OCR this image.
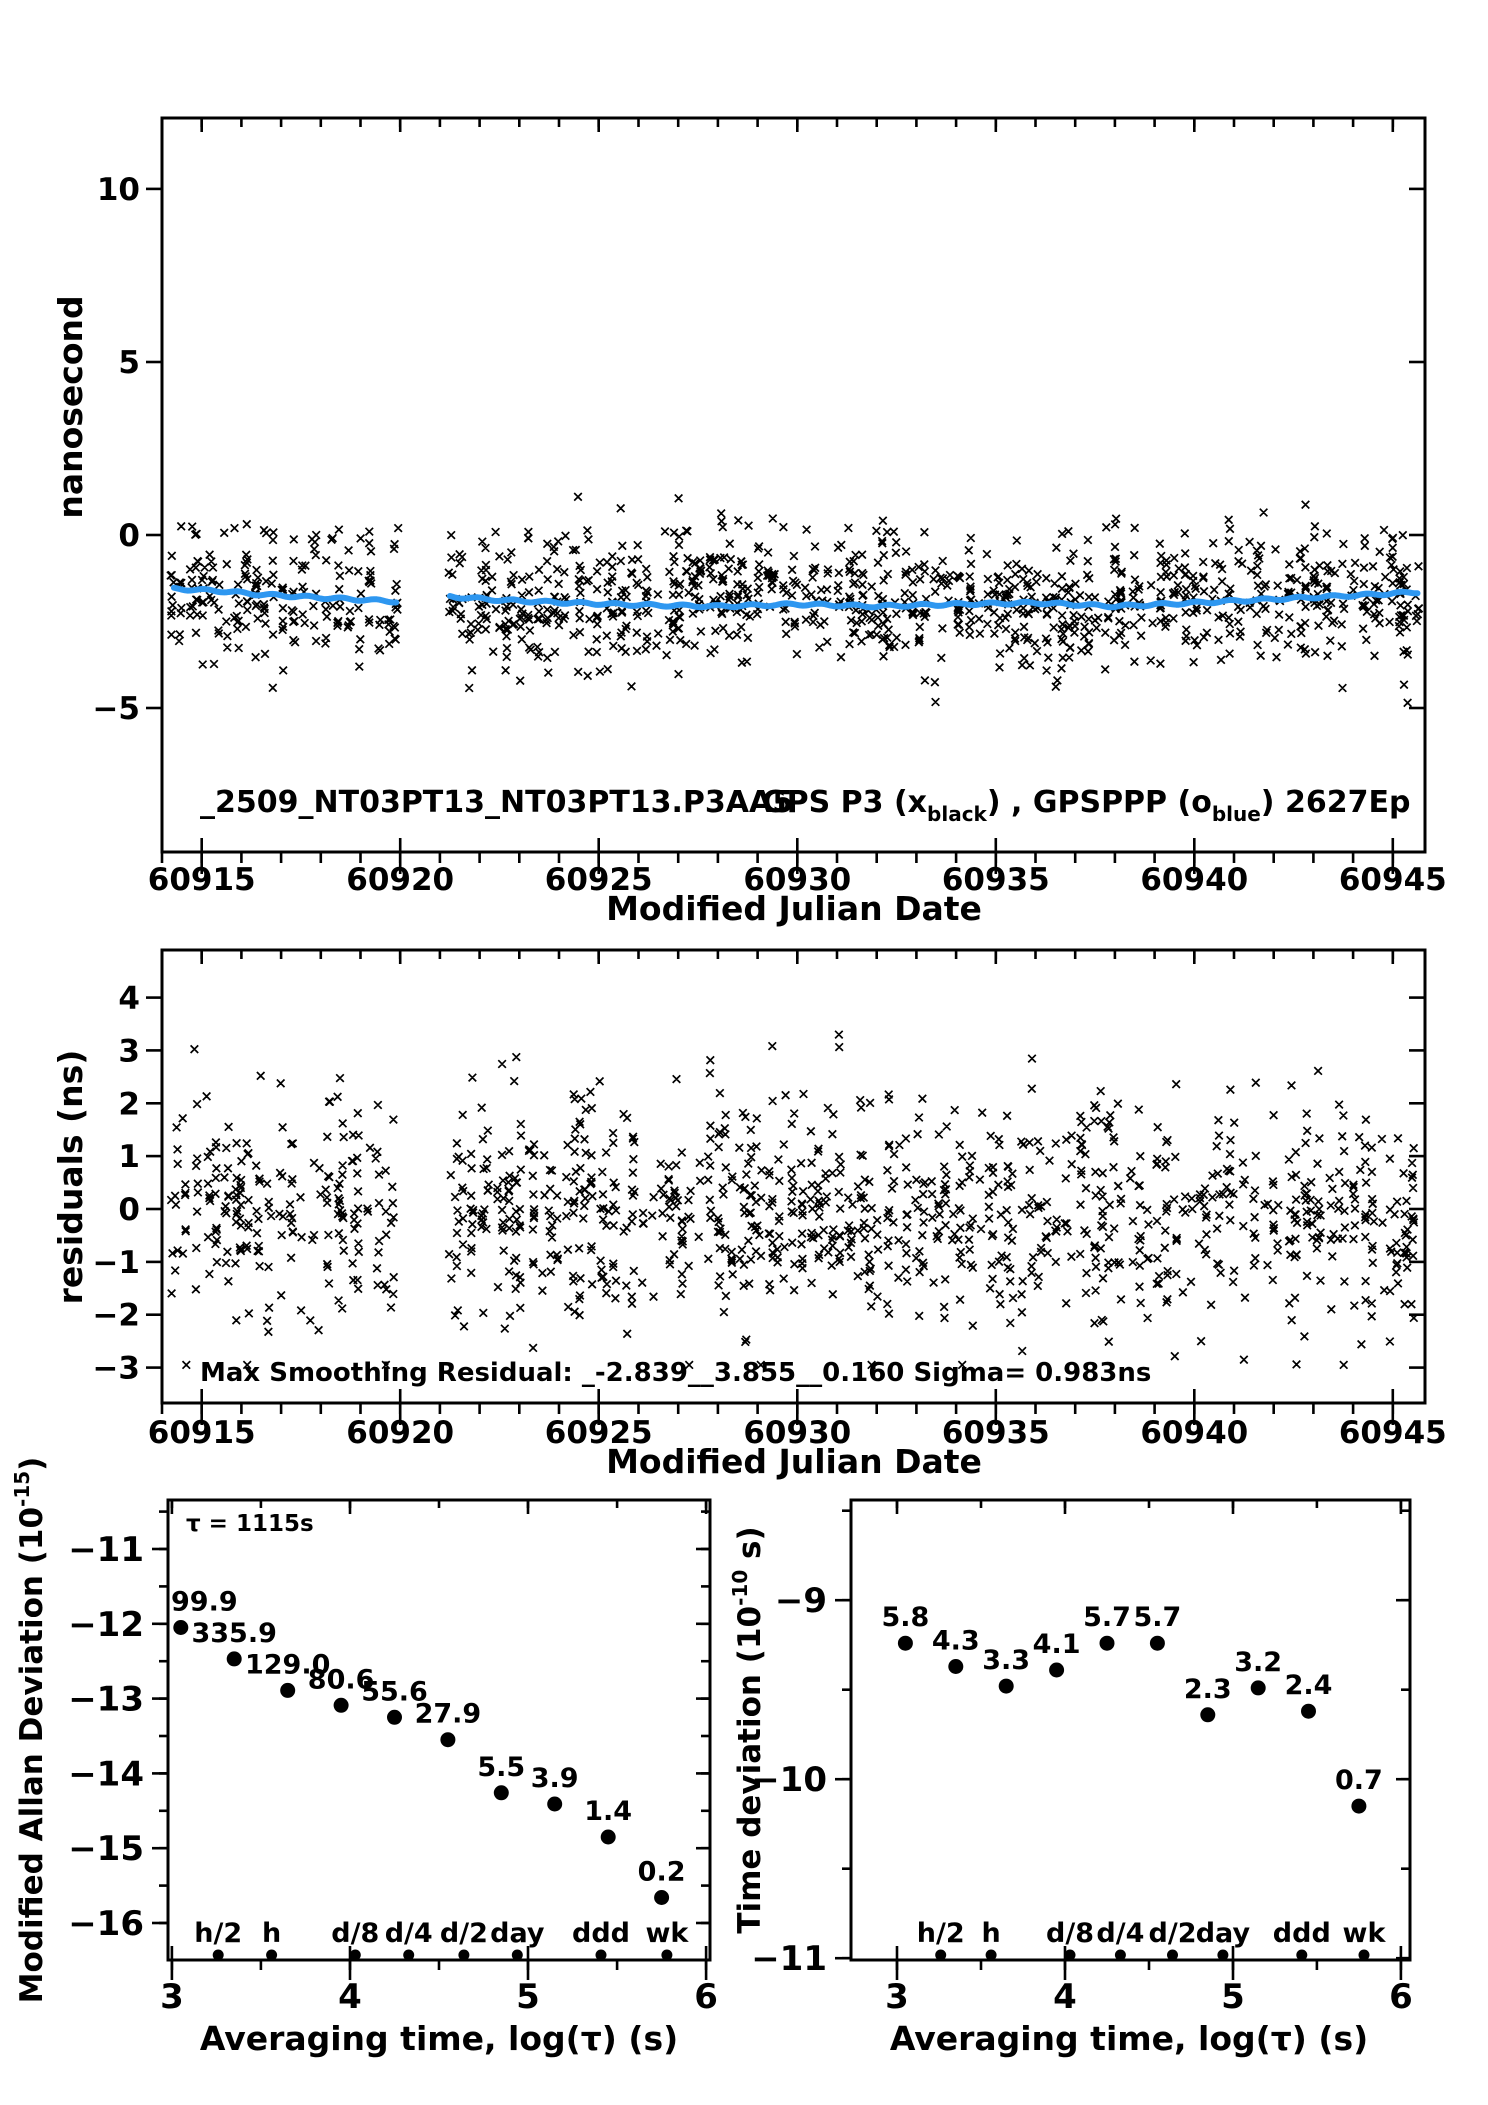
nanosecond
Modified Julian Date
_2509_NT03PT13_NT03PT13.P3AA5
residuals (ns)
Modified Julian Date
Max Smoothing Residual: _-2.839__3.855__0.160 Sigma= 0.983ns
Averaging time, log(τ) (s)
τ = 1115s
Averaging time, log(τ) (s)
60915	60920	60925	60930	60935	60940	60945
−5
0
5
10
GPS P3 $(x_{black})$ , GPSPPP $(o_{blue})$ 2627Ep
60915	60920	60925	60930	60935	60940	60945
−3
−2
−1
0
1
2
3
4
3	4	5	6
−11
−12
−13
−14
−15
−16 h/2 h d/8 d/4 d/2 day ddd wk
99.9
335.9
129.0
80.6
55.6
27.9
5.5 3.9
1.4
0.2
Modified Allan Deviation $(10^{-15})$
3	4	5	6
−9
−10
−11
h/2 h d/8 d/4 d/2 day ddd wk
5.8
4.3
3.3
4.1
5.7 5.7
2.3
3.2
2.4
0.7
Time deviation ($10^{-10}$ s)
